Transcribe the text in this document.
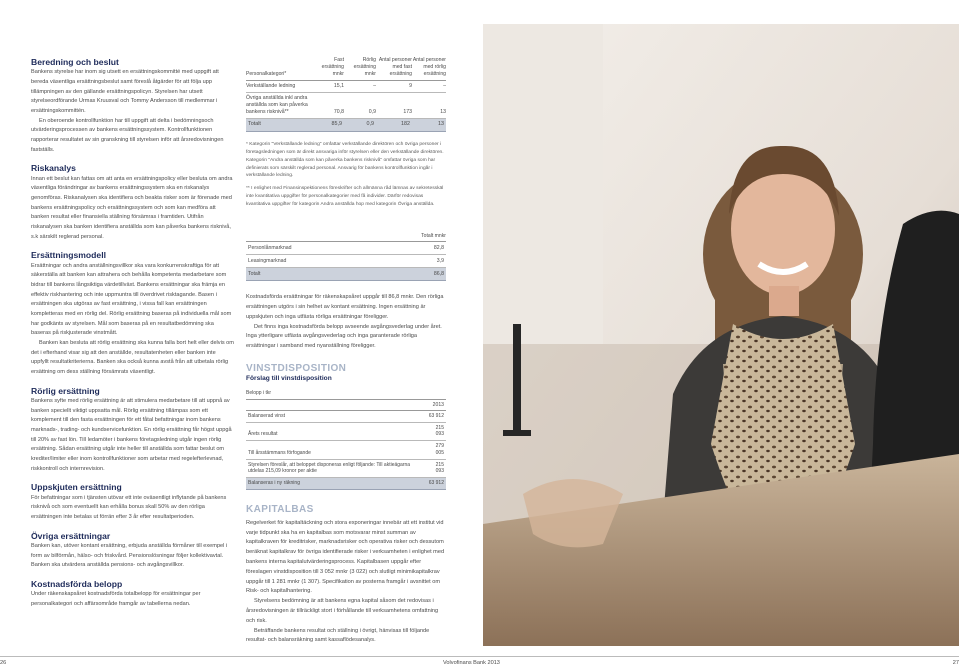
Beredning och beslut

Bankens styrelse har inom sig utsett en ersättningskommitté med uppgift att bereda väsentliga ersättningsbeslut samt föreslå åtgärder för att följa upp tillämpningen av den gällande ersättningspolicyn. Styrelsen har utsett styrelseordförande Urmas Kruusval och Tommy Andersson till medlemmar i ersättningskommittén.

En oberoende kontrollfunktion har till uppgift att delta i bedömningsoch utvärderingsprocessen av bankens ersättningssystem. Kontrollfunktionen rapporterar resultatet av sin granskning till styrelsen inför att årsredovisningen fastställs.

Riskanalys

Innan ett beslut kan fattas om att anta en ersättningspolicy eller besluta om andra väsentliga förändringar av bankens ersättningssystem ska en riskanalys genomföras. Riskanalysen ska identifiera och beakta risker som är förenade med bankens ersättningspolicy och ersättningssystem och som kan medföra att banken resultat eller finansiella ställning försämras i framtiden. Utifrån riskanalysen ska banken identifiera anställda som kan påverka bankens risknivå, s.k särskilt reglerad personal.

Ersättningsmodell

Ersättningar och andra anställningsvillkor ska vara konkurrenskraftiga för att säkerställa att banken kan attrahera och behålla kompetenta medarbetare som bidrar till bankens långsiktiga värdetillväxt. Bankens ersättningar ska främja en effektiv riskhantering och inte uppmuntra till överdrivet risktagande. Basen i ersättningen ska utgöras av fast ersättning, i vissa fall kan ersättningen kompletteras med en rörlig del. Rörlig ersättning baseras på individuella mål som har godkänts av styrelsen. Mål som baseras på en resultatbedömning ska baseras på riskjusterade vinstmått.

Banken kan besluta att rörlig ersättning ska kunna falla bort helt eller delvis om det i efterhand visar sig att den anställde, resultatenheten eller banken inte uppfyllt resultatkriterierna. Banken ska också kunna avstå från att utbetala rörlig ersättning om dess ställning försämrats väsentligt.

Rörlig ersättning

Bankens syfte med rörlig ersättning är att stimulera medarbetare till att uppnå av banken speciellt viktigt uppsatta mål. Rörlig ersättning tillämpas som ett komplement till den fasta ersättningen för ett fåtal befattningar inom bankens marknads-, trading- och kundservicefunktion. En rörlig ersättning får högst uppgå till 20% av fast lön. Till ledamöter i bankens företagsledning utgår ingen rörlig ersättning. Sådan ersättning utgår inte heller till anställda som fattar beslut om krediter/limiter eller inom kontrollfunktioner som arbetar med regelefterlevnad, riskkontroll och internrevision.

Uppskjuten ersättning

För befattningar som i tjänsten utövar ett inte oväsentligt inflytande på bankens risknivå och som eventuellt kan erhålla bonus skall 50% av den rörliga ersättningen inte betalas ut förrän efter 3 år efter resultatperioden.

Övriga ersättningar

Banken kan, utöver kontant ersättning, erbjuda anställda förmåner till exempel i form av bilförmån, hälso- och friskvård. Pensionslösningar följer kollektivavtal. Banken ska utvärdera anställda pensions- och avgångsvillkor.

Kostnadsförda belopp

Under räkenskapsåret kostnadsförda totalbelopp för ersättningar per personalkategori och affärsområde framgår av tabellerna nedan.

Personalkategori*	Fast ersättning mnkr	Rörlig ersättning mnkr	Antal personer med fast ersättning	Antal personer med rörlig ersättning
Verkställande ledning	15,1	–	9	–
Övriga anställda inkl andra anställda som kan påverka bankens risknivå**	70,8	0,9	173	13
Totalt	85,9	0,9	182	13

* Kategorin "Verkställande ledning" omfattar verkställande direktören och övriga personer i företagsledningen som är direkt ansvariga inför styrelsen eller den verkställande direktören. Kategorin "Andra anställda som kan påverka bankens risknivå" omfattar övriga som har definierats som särskilt reglerad personal. Ansvarig för bankens kontrollfunktion ingår i verkställande ledning.

** I enlighet med Finansinspektionens föreskrifter och allmänna råd lämnas av sekretesskäl inte kvantitativa uppgifter för personalkategorier med få individer. Därför redovisas kvantitativa uppgifter för kategorin Andra anställda hop med kategorin Övriga anställda.

	Totalt mnkr
Personlånmarknad	82,8
Leasingmarknad	3,9
Totalt	86,8

Kostnadsförda ersättningar för räkenskapsåret uppgår till 86,8 mnkr. Den rörliga ersättningen utgörs i sin helhet av kontant ersättning. Ingen ersättning är uppskjuten och inga utfästa rörliga ersättningar föreligger.

Det finns inga kostnadsförda belopp avseende avgångsvederlag under året. Inga ytterligare utfästa avgångsvederlag och inga garanterade rörliga ersättningar i samband med nyanställning föreligger.

VINSTDISPOSITION
Förslag till vinstdisposition
Belopp i tkr
	2013
Balanserad vinst	63 912
Årets resultat	215 093
Till årsstämmans förfogande	279 005
Styrelsen föreslår, att beloppet disponeras enligt följande: Till aktieägarna utdelas 215,09 kronor per aktie	215 093
Balanseras i ny räkning	63 912
KAPITALBAS

Regelverket för kapitaltäckning och stora exponeringar innebär att ett institut vid varje tidpunkt ska ha en kapitalbas som motsvarar minst summan av kapitalkraven för kreditrisker, marknadsrisker och operativa risker och dessutom beräknat kapitalkrav för övriga identifierade risker i verksamheten i enlighet med bankens interna kapitalutvärderingsprocess. Kapitalbasen uppgår efter föreslagen vinstdisposition till 3 052 mnkr (3 022) och slutligt minimikapitalkrav uppgår till 1 281 mnkr (1 307). Specifikation av posterna framgår i avsnittet om Risk- och kapitalhantering.

Styrelsens bedömning är att bankens egna kapital såsom det redovisas i årsredovisningen är tillräckligt stort i förhållande till verksamhetens omfattning och risk.

Beträffande bankens resultat och ställning i övrigt, hänvisas till följande resultat- och balansräkning samt kassaflödesanalys.

26	Volvofinans Bank 2013	27
